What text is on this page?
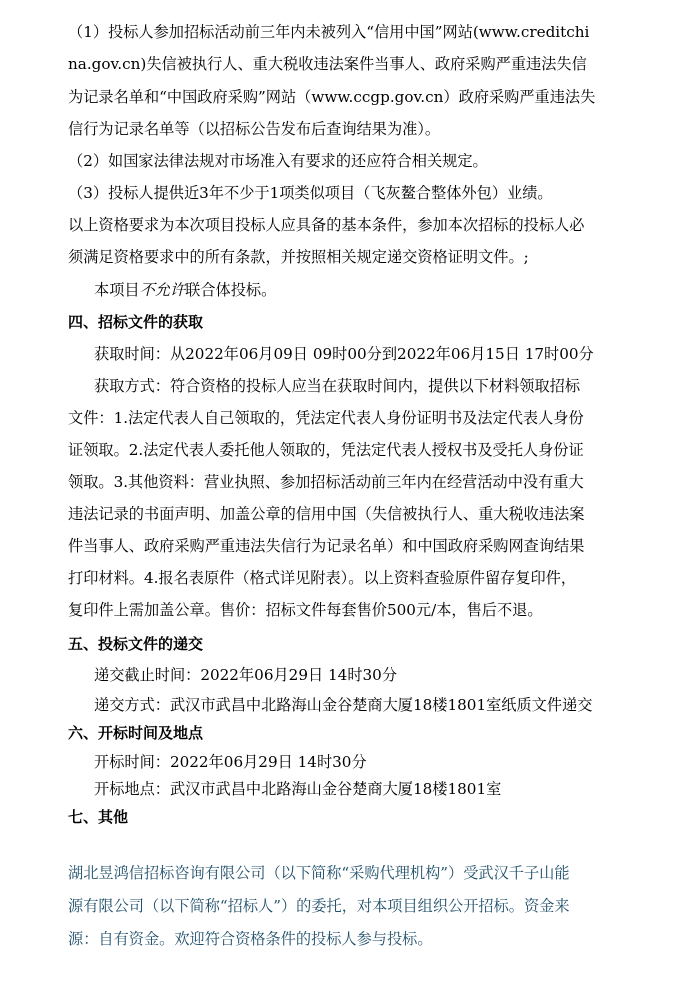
（1）投标人参加招标活动前三年内未被列入“信用中国”网站(www.creditchi
na.gov.cn)失信被执行人、重大税收违法案件当事人、政府采购严重违法失信
为记录名单和“中国政府采购”网站（www.ccgp.gov.cn）政府采购严重违法失
信行为记录名单等（以招标公告发布后查询结果为准）。
（2）如国家法律法规对市场准入有要求的还应符合相关规定。
（3）投标人提供近3年不少于1项类似项目（飞灰鳌合整体外包）业绩。
以上资格要求为本次项目投标人应具备的基本条件，参加本次招标的投标人必
须满足资格要求中的所有条款，并按照相关规定递交资格证明文件。;
本项目不允许联合体投标。
四、招标文件的获取
获取时间：从2022年06月09日 09时00分到2022年06月15日 17时00分
获取方式：符合资格的投标人应当在获取时间内，提供以下材料领取招标
文件：1.法定代表人自己领取的，凭法定代表人身份证明书及法定代表人身份
证领取。2.法定代表人委托他人领取的，凭法定代表人授权书及受托人身份证
领取。3.其他资料：营业执照、参加招标活动前三年内在经营活动中没有重大
违法记录的书面声明、加盖公章的信用中国（失信被执行人、重大税收违法案
件当事人、政府采购严重违法失信行为记录名单）和中国政府采购网查询结果
打印材料。4.报名表原件（格式详见附表）。以上资料查验原件留存复印件，
复印件上需加盖公章。售价：招标文件每套售价500元/本，售后不退。
五、投标文件的递交
递交截止时间：2022年06月29日 14时30分
递交方式：武汉市武昌中北路海山金谷楚商大厦18楼1801室纸质文件递交
六、开标时间及地点
开标时间：2022年06月29日 14时30分
开标地点：武汉市武昌中北路海山金谷楚商大厦18楼1801室
七、其他
湖北昱鸿信招标咨询有限公司（以下简称“采购代理机构”）受武汉千子山能
源有限公司（以下简称“招标人”）的委托，对本项目组织公开招标。资金来
源：自有资金。欢迎符合资格条件的投标人参与投标。
